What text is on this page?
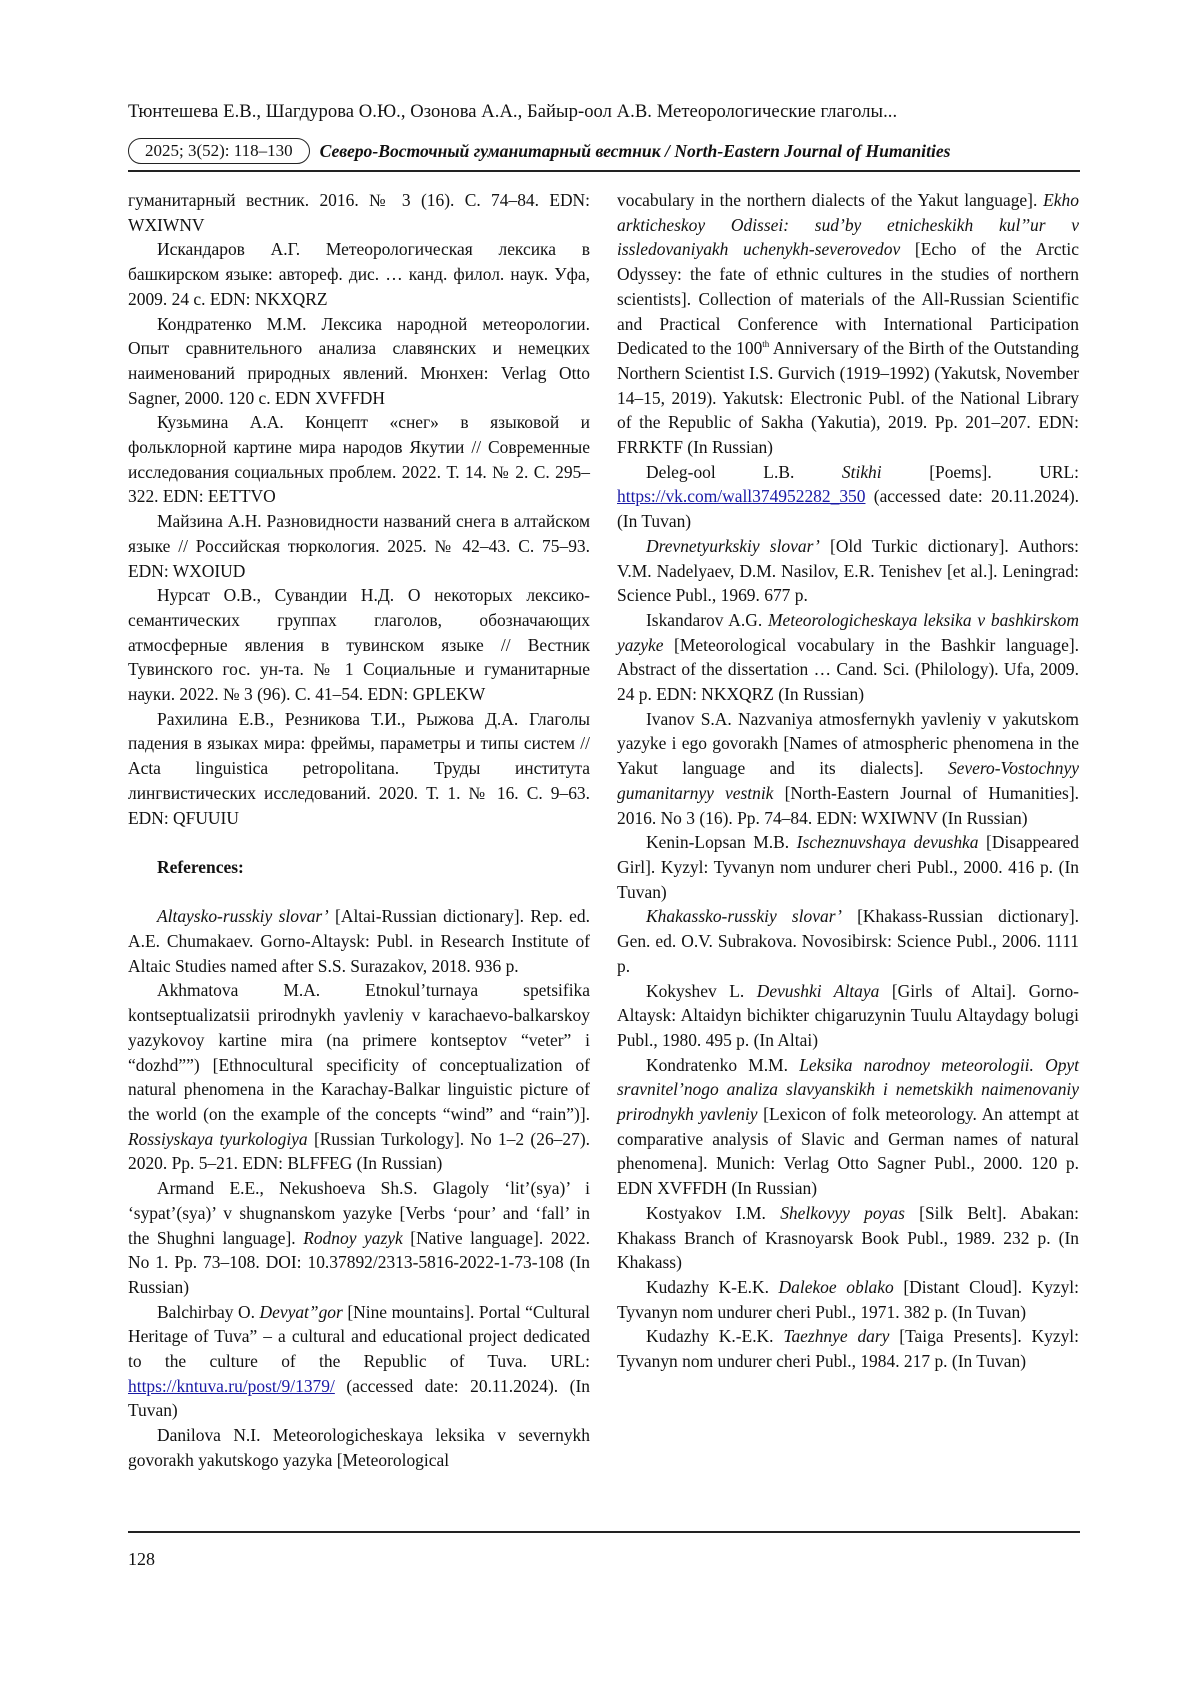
Тюнтешева Е.В., Шагдурова О.Ю., Озонова А.А., Байыр-оол А.В. Метеорологические глаголы...
2025; 3(52): 118–130	Северо-Восточный гуманитарный вестник / North-Eastern Journal of Humanities

гуманитарный вестник. 2016. № 3 (16). С. 74–84. EDN: WXIWNV

Искандаров А.Г. Метеорологическая лексика в башкирском языке: автореф. дис. … канд. филол. наук. Уфа, 2009. 24 с. EDN: NKXQRZ

Кондратенко М.М. Лексика народной метеорологии. Опыт сравнительного анализа славянских и немецких наименований природных явлений. Мюнхен: Verlag Otto Sagner, 2000. 120 с. EDN XVFFDH

Кузьмина А.А. Концепт «снег» в языковой и фольклорной картине мира народов Якутии // Современные исследования социальных проблем. 2022. Т. 14. № 2. С. 295–322. EDN: EETTVO

Майзина А.Н. Разновидности названий снега в алтайском языке // Российская тюркология. 2025. № 42–43. С. 75–93. EDN: WXOIUD

Нурсат О.В., Сувандии Н.Д. О некоторых лексико-семантических группах глаголов, обозначающих атмосферные явления в тувинском языке // Вестник Тувинского гос. ун-та. № 1 Социальные и гуманитарные науки. 2022. № 3 (96). С. 41–54. EDN: GPLEKW

Рахилина Е.В., Резникова Т.И., Рыжова Д.А. Глаголы падения в языках мира: фреймы, параметры и типы систем // Acta linguistica petropolitana. Труды института лингвистических исследований. 2020. Т. 1. № 16. С. 9–63. EDN: QFUUIU

References:

Altaysko-russkiy slovar’ [Altai-Russian dictionary]. Rep. ed. A.E. Chumakaev. Gorno-Altaysk: Publ. in Research Institute of Altaic Studies named after S.S. Surazakov, 2018. 936 p.

Akhmatova M.A. Etnokul’turnaya spetsifika kontseptualizatsii prirodnykh yavleniy v karachaevo-balkarskoy yazykovoy kartine mira (na primere kontseptov “veter” i “dozhd””) [Ethnocultural specificity of conceptualization of natural phenomena in the Karachay-Balkar linguistic picture of the world (on the example of the concepts “wind” and “rain”)]. Rossiyskaya tyurkologiya [Russian Turkology]. No 1–2 (26–27). 2020. Pp. 5–21. EDN: BLFFEG (In Russian)

Armand E.E., Nekushoeva Sh.S. Glagoly ‘lit’(sya)’ i ‘sypat’(sya)’ v shugnanskom yazyke [Verbs ‘pour’ and ‘fall’ in the Shughni language]. Rodnoy yazyk [Native language]. 2022. No 1. Pp. 73–108. DOI: 10.37892/2313-5816-2022-1-73-108 (In Russian)

Balchirbay O. Devyat”gor [Nine mountains]. Portal “Cultural Heritage of Tuva” – a cultural and educational project dedicated to the culture of the Republic of Tuva. URL: https://kntuva.ru/post/9/1379/ (accessed date: 20.11.2024). (In Tuvan)

Danilova N.I. Meteorologicheskaya leksika v severnykh govorakh yakutskogo yazyka [Meteorological

vocabulary in the northern dialects of the Yakut language]. Ekho arkticheskoy Odissei: sud’by etnicheskikh kul’’ur v issledovaniyakh uchenykh-severovedov [Echo of the Arctic Odyssey: the fate of ethnic cultures in the studies of northern scientists]. Collection of materials of the All-Russian Scientific and Practical Conference with International Participation Dedicated to the 100th Anniversary of the Birth of the Outstanding Northern Scientist I.S. Gurvich (1919–1992) (Yakutsk, November 14–15, 2019). Yakutsk: Electronic Publ. of the National Library of the Republic of Sakha (Yakutia), 2019. Pp. 201–207. EDN: FRRKTF (In Russian)

Deleg-ool L.B. Stikhi [Poems]. URL: https://vk.com/wall374952282_350 (accessed date: 20.11.2024). (In Tuvan)

Drevnetyurkskiy slovar’ [Old Turkic dictionary]. Authors: V.M. Nadelyaev, D.M. Nasilov, E.R. Tenishev [et al.]. Leningrad: Science Publ., 1969. 677 p.

Iskandarov A.G. Meteorologicheskaya leksika v bashkirskom yazyke [Meteorological vocabulary in the Bashkir language]. Abstract of the dissertation … Cand. Sci. (Philology). Ufa, 2009. 24 p. EDN: NKXQRZ (In Russian)

Ivanov S.A. Nazvaniya atmosfernykh yavleniy v yakutskom yazyke i ego govorakh [Names of atmospheric phenomena in the Yakut language and its dialects]. Severo-Vostochnyy gumanitarnyy vestnik [North-Eastern Journal of Humanities]. 2016. No 3 (16). Pp. 74–84. EDN: WXIWNV (In Russian)

Kenin-Lopsan M.B. Ischeznuvshaya devushka [Disappeared Girl]. Kyzyl: Tyvanyn nom undurer cheri Publ., 2000. 416 p. (In Tuvan)

Khakassko-russkiy slovar’ [Khakass-Russian dictionary]. Gen. ed. O.V. Subrakova. Novosibirsk: Science Publ., 2006. 1111 p.

Kokyshev L. Devushki Altaya [Girls of Altai]. Gorno-Altaysk: Altaidyn bichikter chigaruzynin Tuulu Altaydagy bolugi Publ., 1980. 495 p. (In Altai)

Kondratenko M.M. Leksika narodnoy meteorologii. Opyt sravnitel’nogo analiza slavyanskikh i nemetskikh naimenovaniy prirodnykh yavleniy [Lexicon of folk meteorology. An attempt at comparative analysis of Slavic and German names of natural phenomena]. Munich: Verlag Otto Sagner Publ., 2000. 120 p. EDN XVFFDH (In Russian)

Kostyakov I.M. Shelkovyy poyas [Silk Belt]. Abakan: Khakass Branch of Krasnoyarsk Book Publ., 1989. 232 p. (In Khakass)

Kudazhy K-E.K. Dalekoe oblako [Distant Cloud]. Kyzyl: Tyvanyn nom undurer cheri Publ., 1971. 382 p. (In Tuvan)

Kudazhy K.-E.K. Taezhnye dary [Taiga Presents]. Kyzyl: Tyvanyn nom undurer cheri Publ., 1984. 217 p. (In Tuvan)

128
